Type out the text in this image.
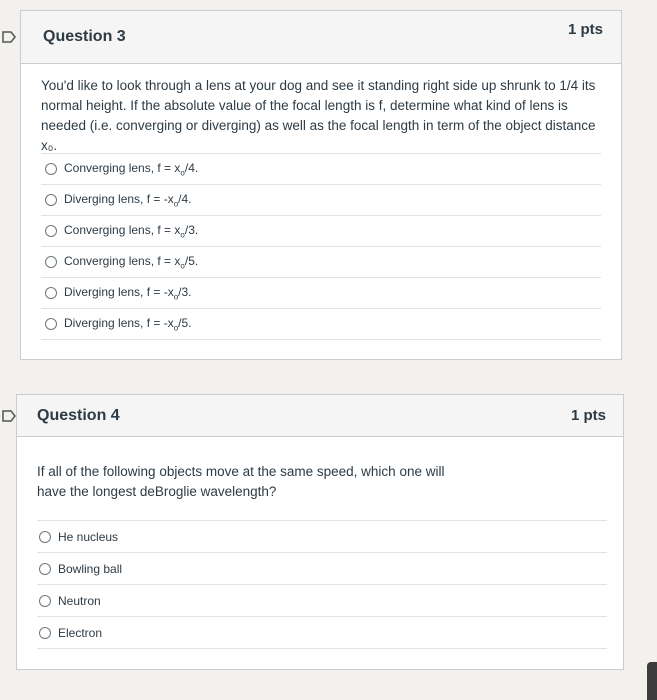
Question 3	1 pts
You'd like to look through a lens at your dog and see it standing right side up shrunk to 1/4 its normal height. If the absolute value of the focal length is f, determine what kind of lens is needed (i.e. converging or diverging) as well as the focal length in term of the object distance x₀.
Converging lens, $f = x_o/4$.
Diverging lens, $f = -x_o/4$.
Converging lens, $f = x_o/3$.
Converging lens, $f = x_o/5$.
Diverging lens, $f = -x_o/3$.
Diverging lens, $f = -x_o/5$.
Question 4	1 pts
If all of the following objects move at the same speed, which one will have the longest deBroglie wavelength?
He nucleus
Bowling ball
Neutron
Electron
